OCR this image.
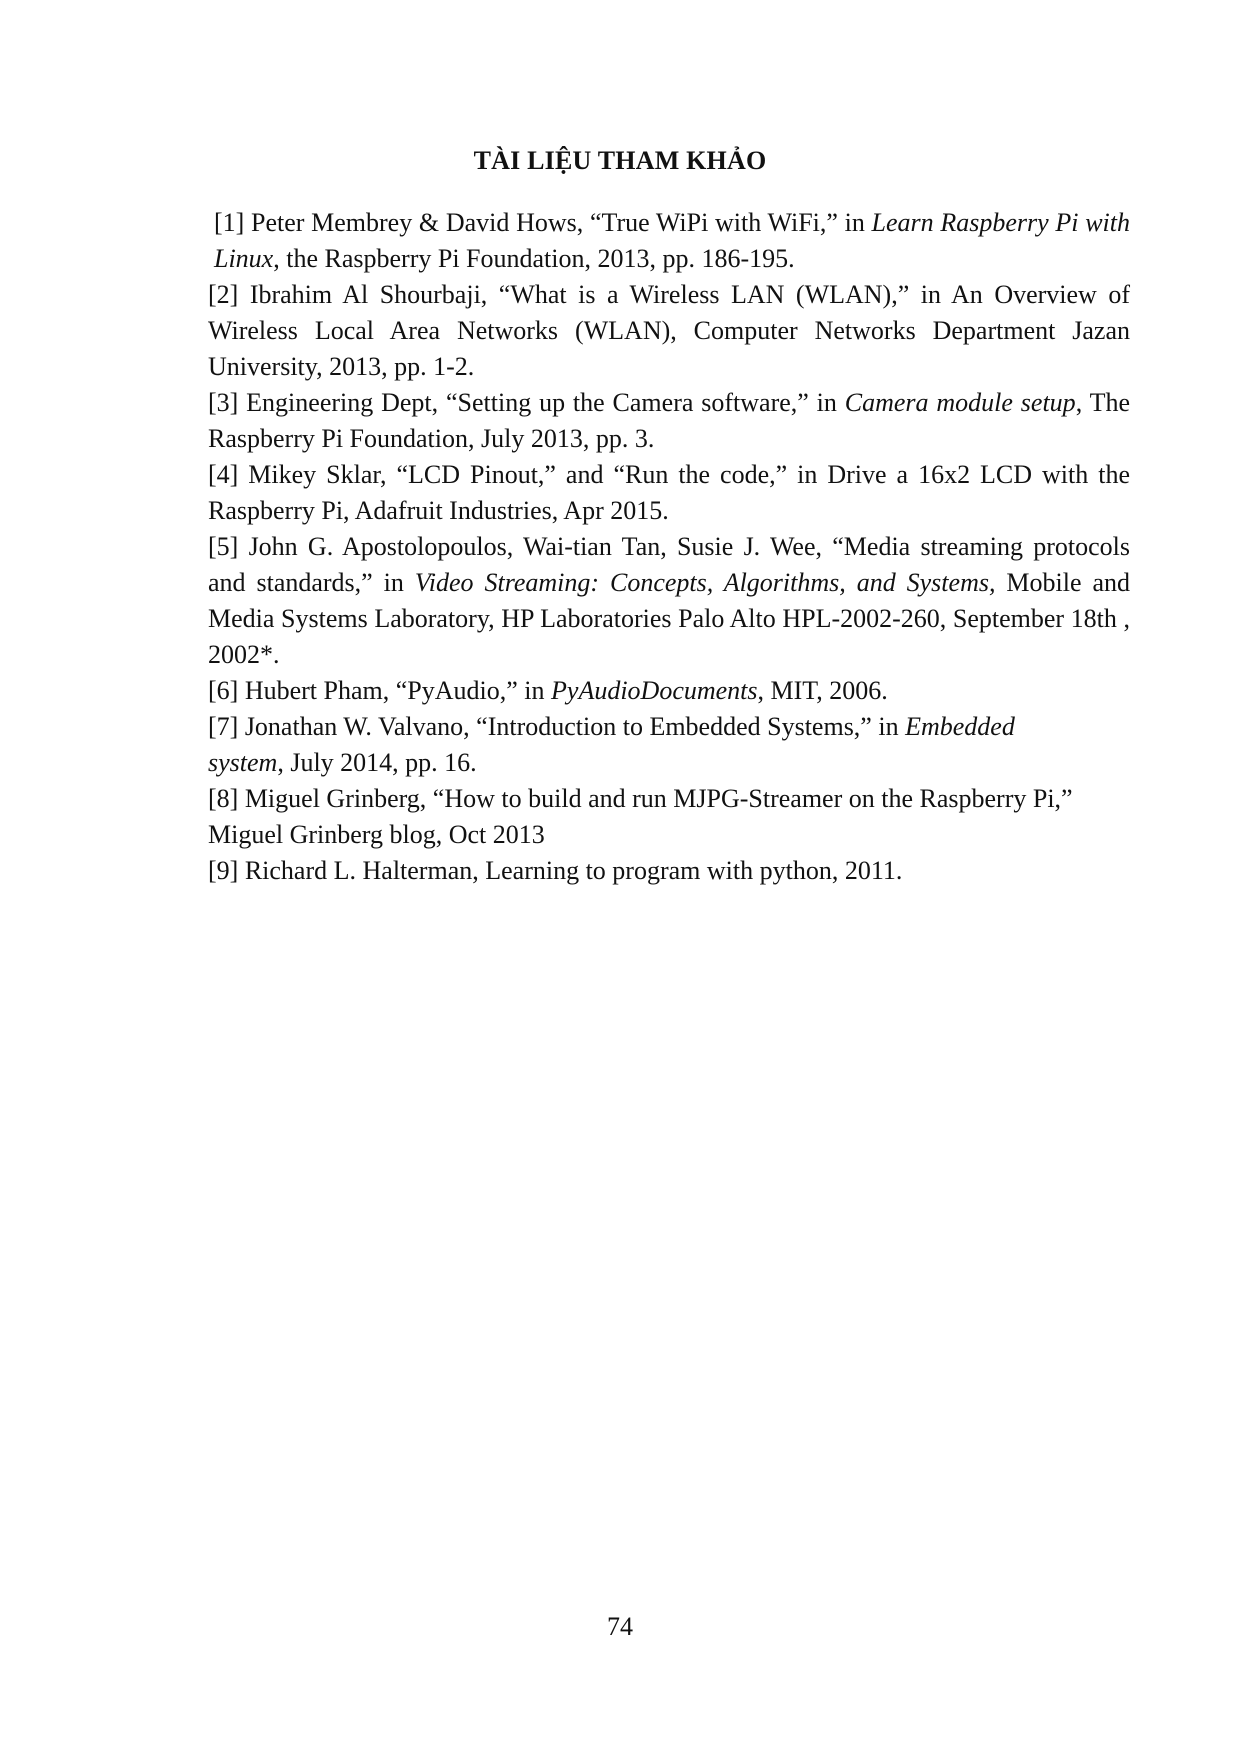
TÀI LIỆU THAM KHẢO
[1] Peter Membrey & David Hows, “True WiPi with WiFi,” in Learn Raspberry Pi with Linux, the Raspberry Pi Foundation, 2013, pp. 186-195.
[2] Ibrahim Al Shourbaji, “What is a Wireless LAN (WLAN),” in An Overview of Wireless Local Area Networks (WLAN), Computer Networks Department Jazan University, 2013, pp. 1-2.
[3] Engineering Dept, “Setting up the Camera software,” in Camera module setup, The Raspberry Pi Foundation, July 2013, pp. 3.
[4] Mikey Sklar, “LCD Pinout,” and “Run the code,” in Drive a 16x2 LCD with the Raspberry Pi, Adafruit Industries, Apr 2015.
[5] John G. Apostolopoulos, Wai-tian Tan, Susie J. Wee, “Media streaming protocols and standards,” in Video Streaming: Concepts, Algorithms, and Systems, Mobile and Media Systems Laboratory, HP Laboratories Palo Alto HPL-2002-260, September 18th , 2002*.
[6] Hubert Pham, “PyAudio,” in PyAudioDocuments, MIT, 2006.
[7] Jonathan W. Valvano, “Introduction to Embedded Systems,” in Embedded system, July 2014, pp. 16.
[8] Miguel Grinberg, “How to build and run MJPG-Streamer on the Raspberry Pi,” Miguel Grinberg blog, Oct 2013
[9] Richard L. Halterman, Learning to program with python, 2011.

74
